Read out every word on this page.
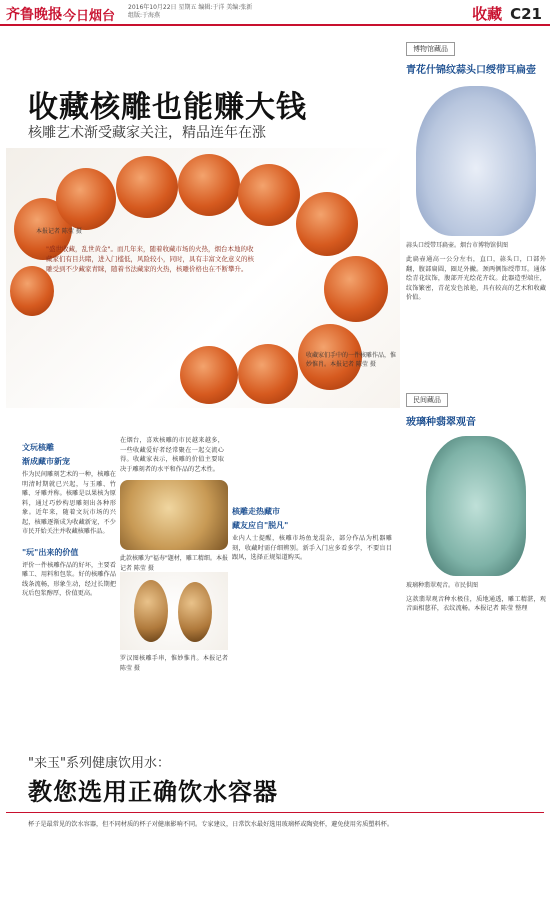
齐鲁晚报
·今日烟台
2016年10月22日 星期五 编辑:于洋 美编:张新 组版:于海燕	收藏 C21
收藏核雕也能赚大钱
核雕艺术渐受藏家关注，精品连年在涨
本报记者 陈莹 摄
"盛世收藏，乱世黄金"。而几年来，随着收藏市场的火热，烟台本地的收藏家们有目共睹，进入门槛低，风险较小，同时，具有丰富文化意义的核雕受到不少藏家青睐，随着书法藏家的火热，核雕价格也在不断攀升。
收藏家们手中的一件核雕作品，惟妙惟肖。本报记者 陈莹 摄
博物馆藏品
青花什锦纹蒜头口绶带耳扁壶
蒜头口绶带耳扁壶。烟台市博物馆供图
此扁壶通高一公分左右，直口，蒜头口，口部外翻，腹部扁圆，圈足外撇。颈两侧饰绶带耳。通体绘青花纹饰，腹部开光绘花卉纹。此器造型端庄，纹饰繁密，青花发色浓艳，具有较高的艺术和收藏价值。
民间藏品
玻璃种翡翠观音
玻璃种翡翠观音。市民供图
这款翡翠观音种水极佳，质地通透，雕工精湛，观音面相慈祥，衣纹流畅。本报记者 陈莹 整理
文玩核雕
渐成藏市新宠
作为民间雕刻艺术的一种，核雕在明清时期就已兴起，与玉雕、竹雕、牙雕并称。核雕是以果核为原料，通过巧妙构思雕刻出各种形象。近年来，随着文玩市场的兴起，核雕逐渐成为收藏新宠，不少市民开始关注并收藏核雕作品。
"玩"出来的价值
评价一件核雕作品的好坏，主要看雕工、用料和包浆。好的核雕作品线条流畅，形象生动，经过长期把玩后包浆醇厚，价值更高。
在烟台，喜欢核雕的市民越来越多，一些收藏爱好者经常聚在一起交流心得。收藏家表示，核雕的价值主要取决于雕刻者的水平和作品的艺术性。
此款核雕为"福寿"题材，雕工精细。本报记者 陈莹 摄
罗汉图核雕手串，惟妙惟肖。本报记者 陈莹 摄
核雕走热藏市
藏友应自"脱凡"
业内人士提醒，核雕市场鱼龙混杂，部分作品为机器雕刻，收藏时需仔细辨别。新手入门应多看多学，不要盲目跟风，选择正规渠道购买。
"来玉"系列健康饮用水：
教您选用正确饮水容器
杯子是最常见的饮水容器，但不同材质的杯子对健康影响不同。专家建议，日常饮水最好选用玻璃杯或陶瓷杯，避免使用劣质塑料杯。
